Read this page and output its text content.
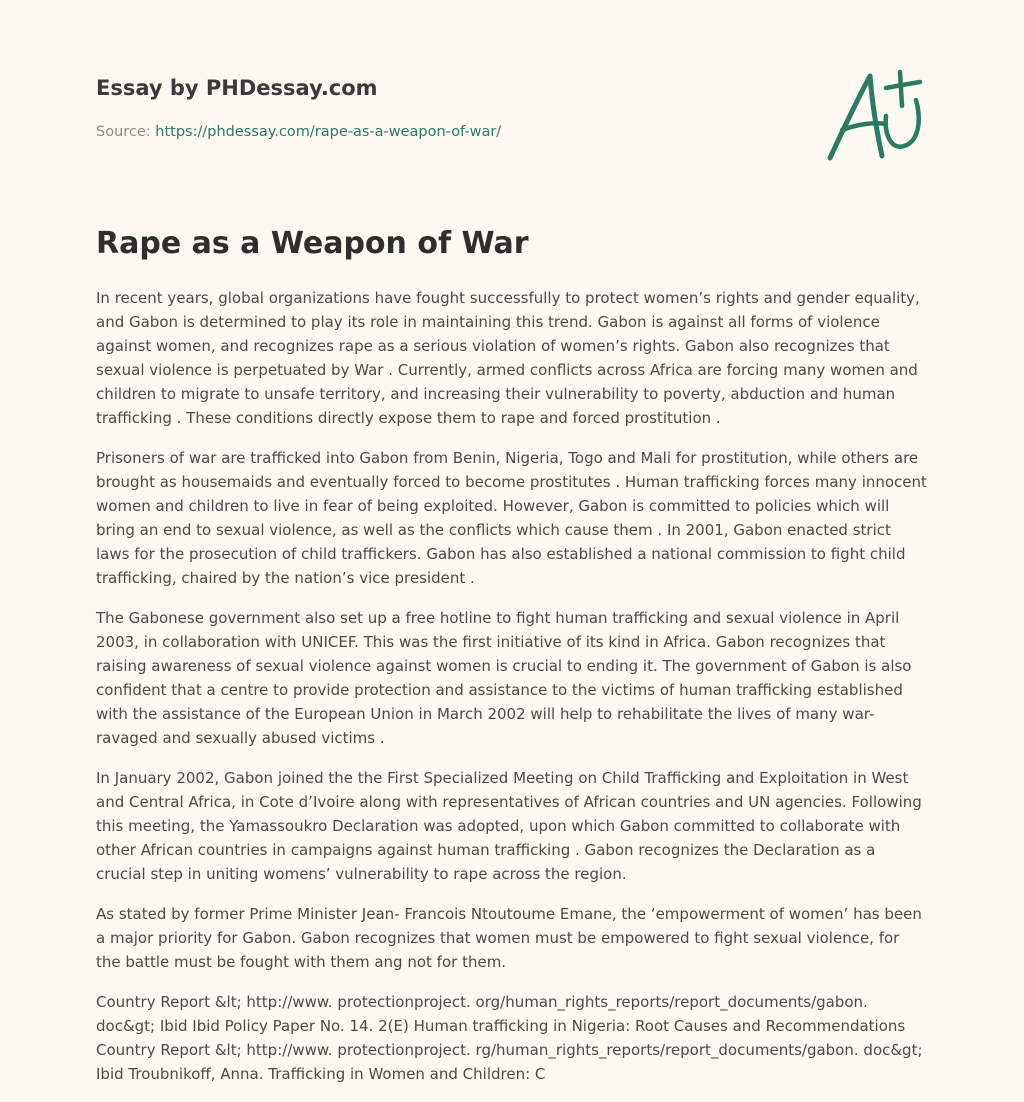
Essay by PHDessay.com
Source: https://phdessay.com/rape-as-a-weapon-of-war/
Rape as a Weapon of War

In recent years, global organizations have fought successfully to protect women’s rights and gender equality, and Gabon is determined to play its role in maintaining this trend. Gabon is against all forms of violence against women, and recognizes rape as a serious violation of women’s rights. Gabon also recognizes that sexual violence is perpetuated by War . Currently, armed conflicts across Africa are forcing many women and children to migrate to unsafe territory, and increasing their vulnerability to poverty, abduction and human trafficking . These conditions directly expose them to rape and forced prostitution .

Prisoners of war are trafficked into Gabon from Benin, Nigeria, Togo and Mali for prostitution, while others are brought as housemaids and eventually forced to become prostitutes . Human trafficking forces many innocent women and children to live in fear of being exploited. However, Gabon is committed to policies which will bring an end to sexual violence, as well as the conflicts which cause them . In 2001, Gabon enacted strict laws for the prosecution of child traffickers. Gabon has also established a national commission to fight child trafficking, chaired by the nation’s vice president .

The Gabonese government also set up a free hotline to fight human trafficking and sexual violence in April 2003, in collaboration with UNICEF. This was the first initiative of its kind in Africa. Gabon recognizes that raising awareness of sexual violence against women is crucial to ending it. The government of Gabon is also confident that a centre to provide protection and assistance to the victims of human trafficking established with the assistance of the European Union in March 2002 will help to rehabilitate the lives of many war-ravaged and sexually abused victims .

In January 2002, Gabon joined the the First Specialized Meeting on Child Trafficking and Exploitation in West and Central Africa, in Cote d’Ivoire along with representatives of African countries and UN agencies. Following this meeting, the Yamassoukro Declaration was adopted, upon which Gabon committed to collaborate with other African countries in campaigns against human trafficking . Gabon recognizes the Declaration as a crucial step in uniting womens’ vulnerability to rape across the region.

As stated by former Prime Minister Jean- Francois Ntoutoume Emane, the ‘empowerment of women’ has been a major priority for Gabon. Gabon recognizes that women must be empowered to fight sexual violence, for the battle must be fought with them ang not for them.

Country Report &lt; http://www. protectionproject. org/human_rights_reports/report_documents/gabon. doc&gt; Ibid Ibid Policy Paper No. 14. 2(E) Human trafficking in Nigeria: Root Causes and Recommendations Country Report &lt; http://www. protectionproject. rg/human_rights_reports/report_documents/gabon. doc&gt; Ibid Troubnikoff, Anna. Trafficking in Women and Children: C
